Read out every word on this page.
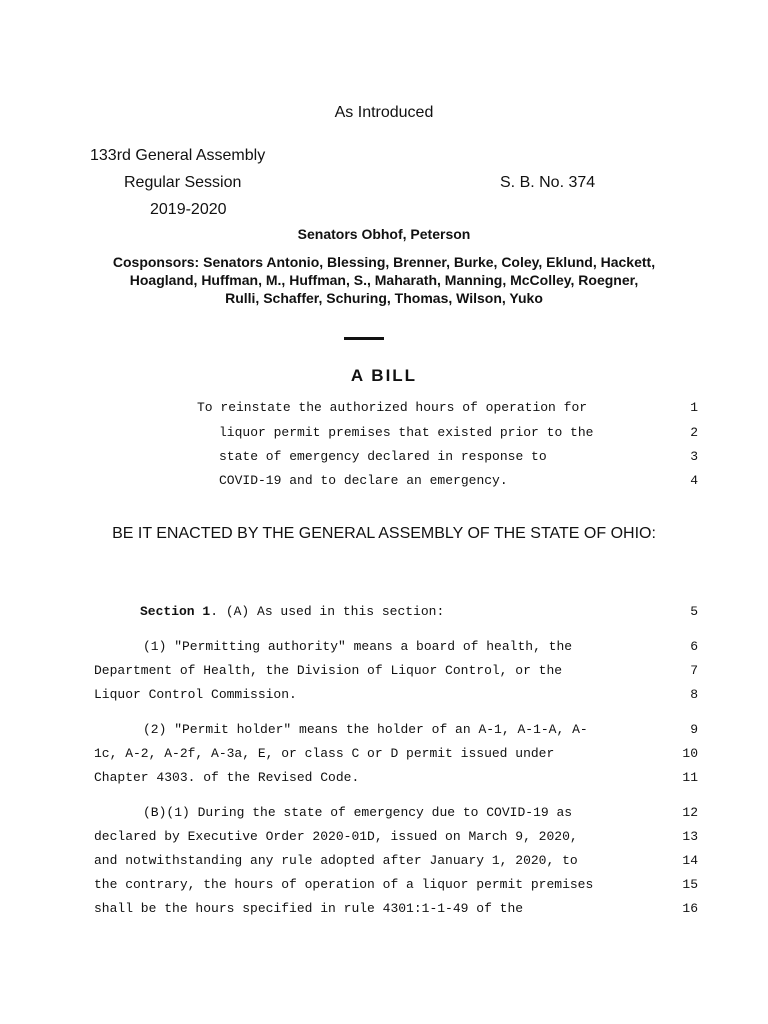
As Introduced
133rd General Assembly
Regular Session	S. B. No. 374
2019-2020
Senators Obhof, Peterson
Cosponsors: Senators Antonio, Blessing, Brenner, Burke, Coley, Eklund, Hackett,
Hoagland, Huffman, M., Huffman, S., Maharath, Manning, McColley, Roegner,
Rulli, Schaffer, Schuring, Thomas, Wilson, Yuko
A BILL
To reinstate the authorized hours of operation for	1
liquor permit premises that existed prior to the	2
state of emergency declared in response to	3
COVID-19 and to declare an emergency.	4
BE IT ENACTED BY THE GENERAL ASSEMBLY OF THE STATE OF OHIO:
Section 1. (A) As used in this section:	5
(1) "Permitting authority" means a board of health, the	6
Department of Health, the Division of Liquor Control, or the	7
Liquor Control Commission.	8
(2) "Permit holder" means the holder of an A-1, A-1-A, A-	9
1c, A-2, A-2f, A-3a, E, or class C or D permit issued under	10
Chapter 4303. of the Revised Code.	11
(B)(1) During the state of emergency due to COVID-19 as	12
declared by Executive Order 2020-01D, issued on March 9, 2020,	13
and notwithstanding any rule adopted after January 1, 2020, to	14
the contrary, the hours of operation of a liquor permit premises	15
shall be the hours specified in rule 4301:1-1-49 of the	16
